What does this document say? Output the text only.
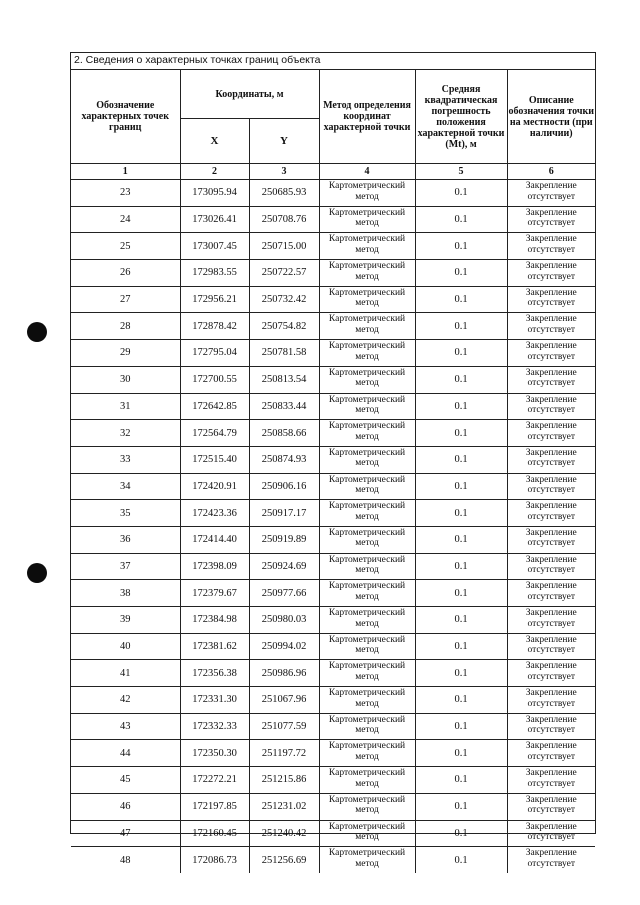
2. Сведения о характерных точках границ объекта
Обозначение характерных точек границ	Координаты, м		Метод определения координат характерной точки	Средняя квадратическая погрешность положения характерной точки (Mt), м	Описание обозначения точки на местности (при наличии)
	X	Y			
1	2	3	4	5	6
23	173095.94	250685.93	Картометрический метод	0.1	Закрепление отсутствует
24	173026.41	250708.76	Картометрический метод	0.1	Закрепление отсутствует
25	173007.45	250715.00	Картометрический метод	0.1	Закрепление отсутствует
26	172983.55	250722.57	Картометрический метод	0.1	Закрепление отсутствует
27	172956.21	250732.42	Картометрический метод	0.1	Закрепление отсутствует
28	172878.42	250754.82	Картометрический метод	0.1	Закрепление отсутствует
29	172795.04	250781.58	Картометрический метод	0.1	Закрепление отсутствует
30	172700.55	250813.54	Картометрический метод	0.1	Закрепление отсутствует
31	172642.85	250833.44	Картометрический метод	0.1	Закрепление отсутствует
32	172564.79	250858.66	Картометрический метод	0.1	Закрепление отсутствует
33	172515.40	250874.93	Картометрический метод	0.1	Закрепление отсутствует
34	172420.91	250906.16	Картометрический метод	0.1	Закрепление отсутствует
35	172423.36	250917.17	Картометрический метод	0.1	Закрепление отсутствует
36	172414.40	250919.89	Картометрический метод	0.1	Закрепление отсутствует
37	172398.09	250924.69	Картометрический метод	0.1	Закрепление отсутствует
38	172379.67	250977.66	Картометрический метод	0.1	Закрепление отсутствует
39	172384.98	250980.03	Картометрический метод	0.1	Закрепление отсутствует
40	172381.62	250994.02	Картометрический метод	0.1	Закрепление отсутствует
41	172356.38	250986.96	Картометрический метод	0.1	Закрепление отсутствует
42	172331.30	251067.96	Картометрический метод	0.1	Закрепление отсутствует
43	172332.33	251077.59	Картометрический метод	0.1	Закрепление отсутствует
44	172350.30	251197.72	Картометрический метод	0.1	Закрепление отсутствует
45	172272.21	251215.86	Картометрический метод	0.1	Закрепление отсутствует
46	172197.85	251231.02	Картометрический метод	0.1	Закрепление отсутствует
47	172160.45	251240.42	Картометрический метод	0.1	Закрепление отсутствует
48	172086.73	251256.69	Картометрический метод	0.1	Закрепление отсутствует
